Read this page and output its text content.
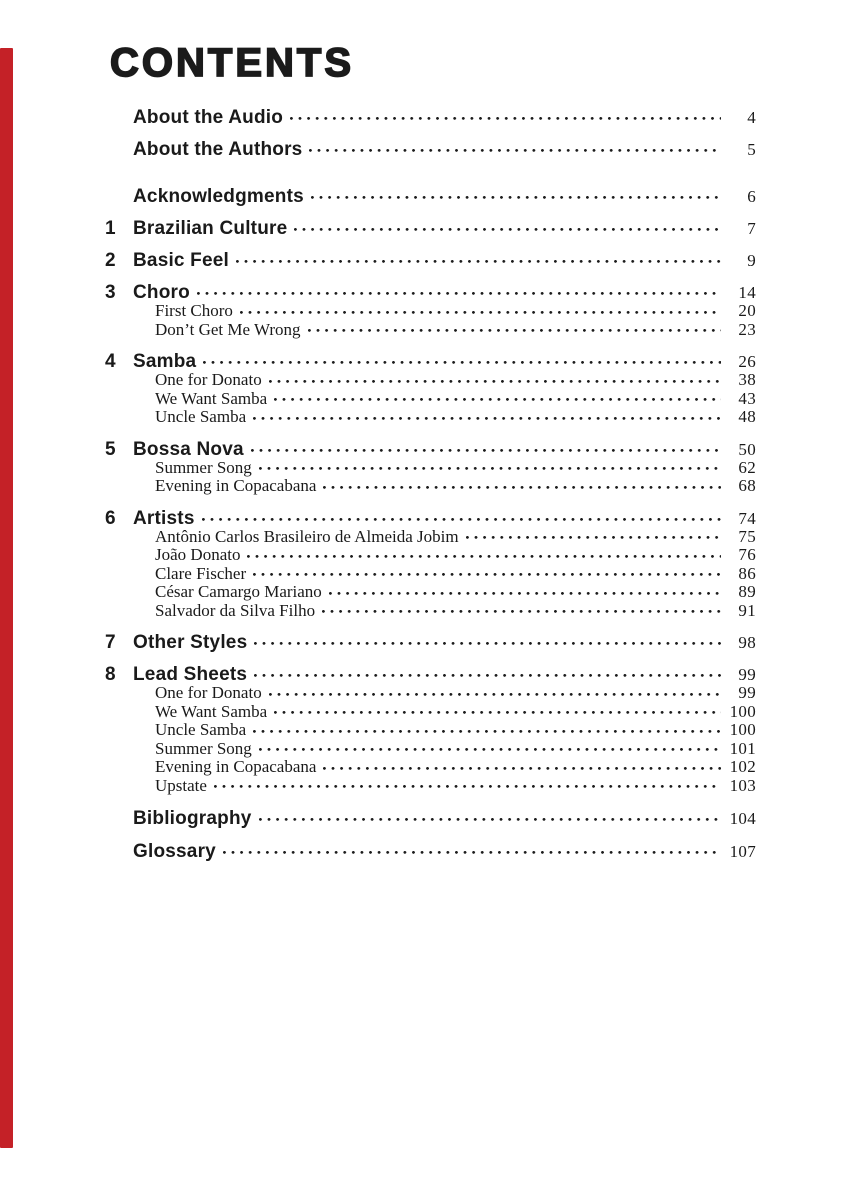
CONTENTS
About the Audio	4
About the Authors	5
Acknowledgments	6
1 Brazilian Culture	7
2 Basic Feel	9
3 Choro	14
First Choro	20
Don’t Get Me Wrong	23
4 Samba	26
One for Donato	38
We Want Samba	43
Uncle Samba	48
5 Bossa Nova	50
Summer Song	62
Evening in Copacabana	68
6 Artists	74
Antônio Carlos Brasileiro de Almeida Jobim	75
João Donato	76
Clare Fischer	86
César Camargo Mariano	89
Salvador da Silva Filho	91
7 Other Styles	98
8 Lead Sheets	99
One for Donato	99
We Want Samba	100
Uncle Samba	100
Summer Song	101
Evening in Copacabana	102
Upstate	103
Bibliography	104
Glossary	107
